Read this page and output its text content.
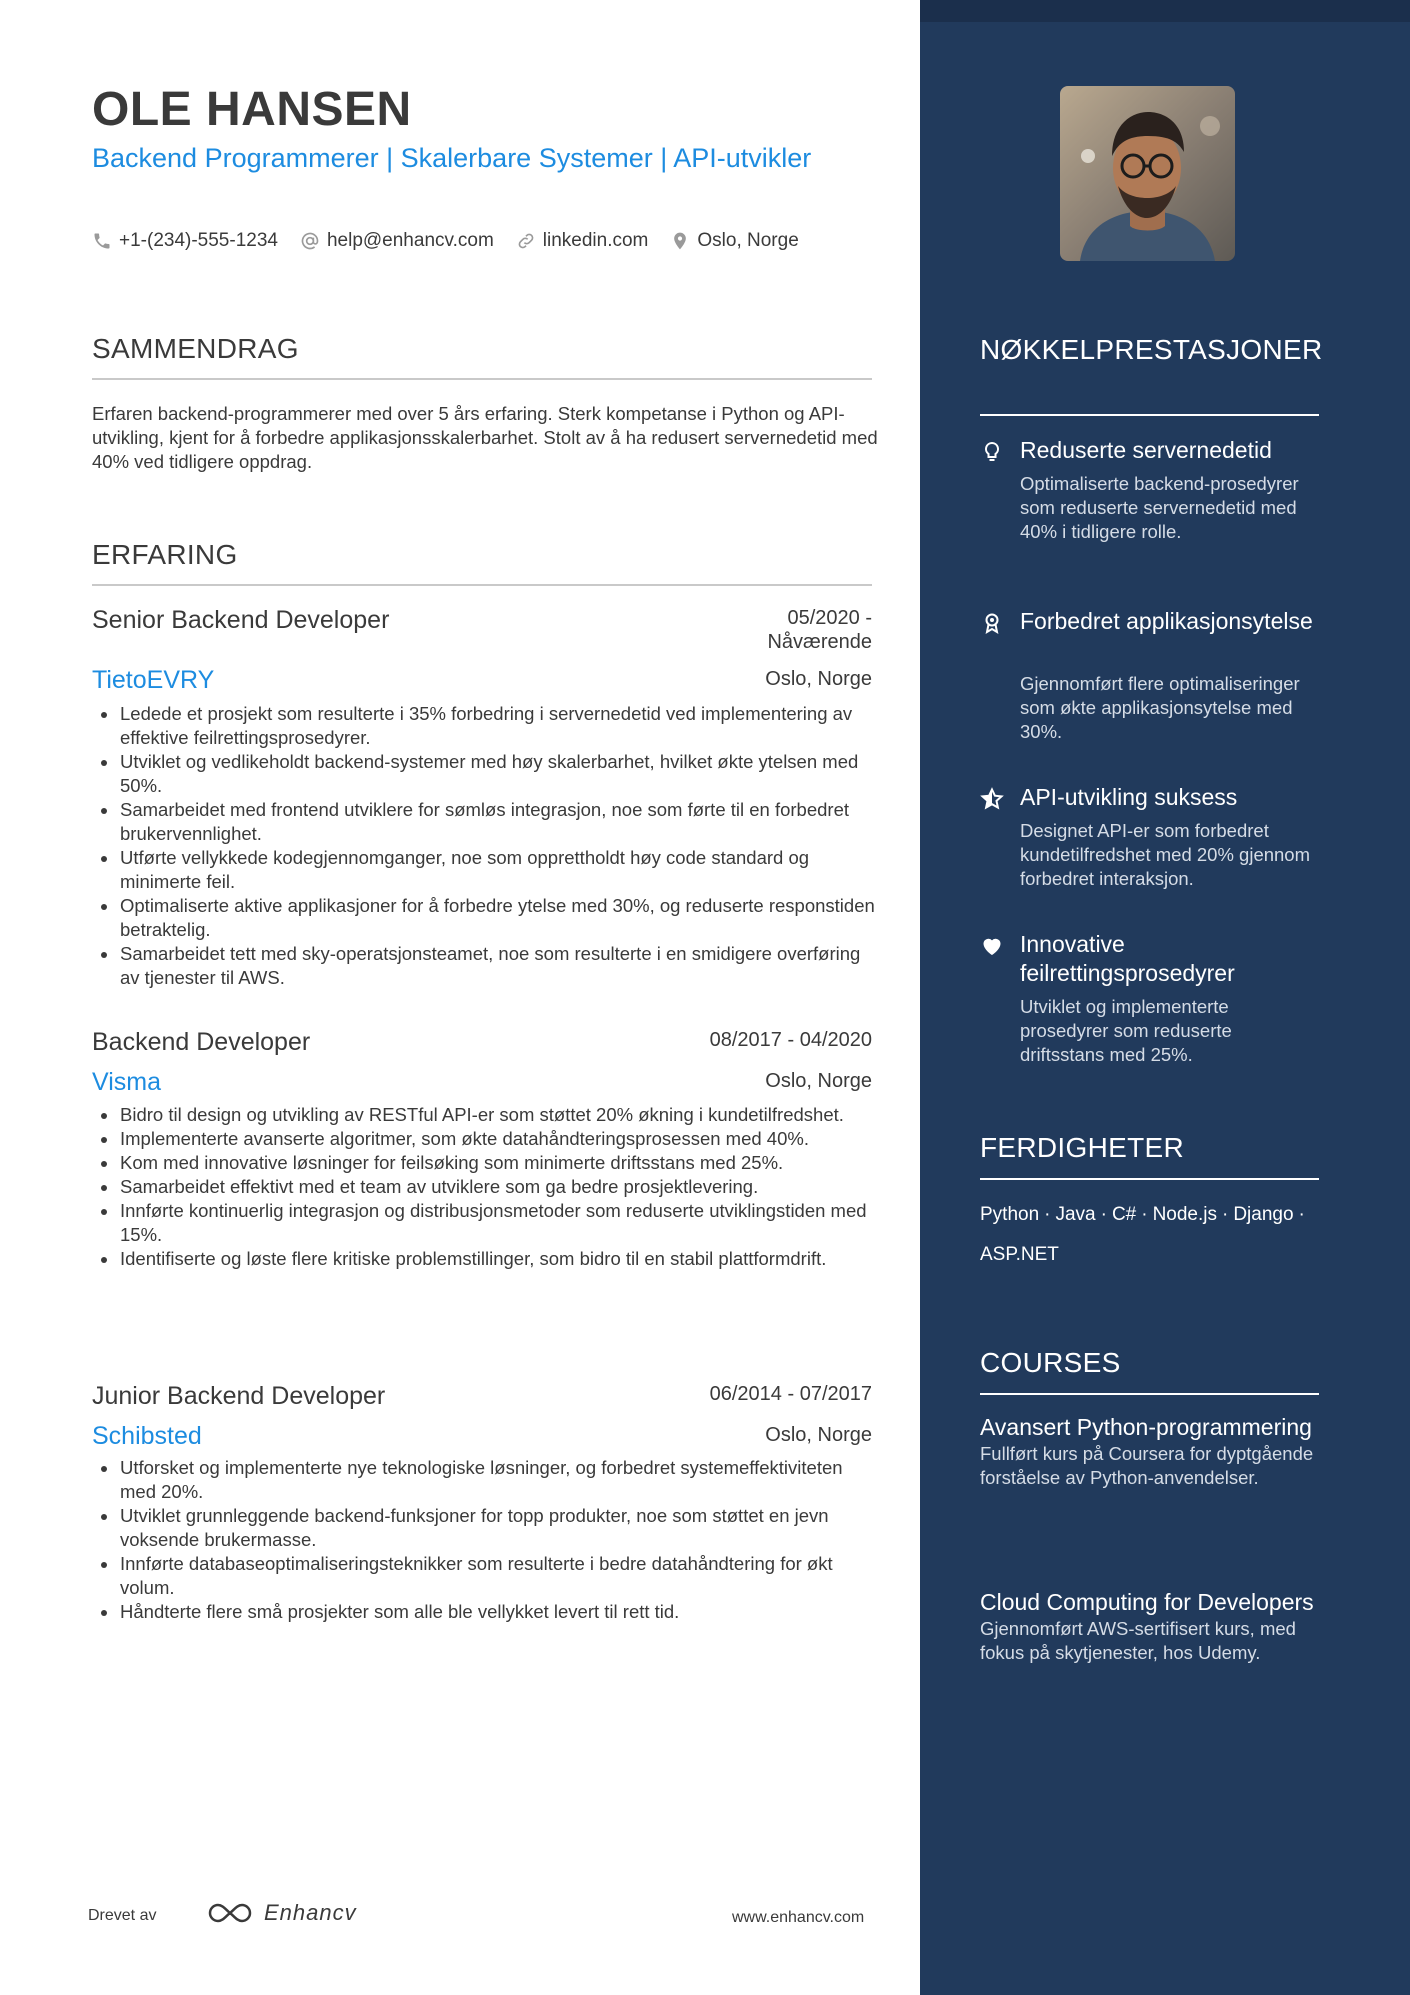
OLE HANSEN
Backend Programmerer | Skalerbare Systemer | API-utvikler
+1-(234)-555-1234	help@enhancv.com	linkedin.com	Oslo, Norge
SAMMENDRAG
Erfaren backend-programmerer med over 5 års erfaring. Sterk kompetanse i Python og API-utvikling, kjent for å forbedre applikasjonsskalerbarhet. Stolt av å ha redusert servernedetid med 40% ved tidligere oppdrag.
ERFARING
Senior Backend Developer	05/2020 - Nåværende
TietoEVRY	Oslo, Norge
Ledede et prosjekt som resulterte i 35% forbedring i servernedetid ved implementering av effektive feilrettingsprosedyrer.
Utviklet og vedlikeholdt backend-systemer med høy skalerbarhet, hvilket økte ytelsen med 50%.
Samarbeidet med frontend utviklere for sømløs integrasjon, noe som førte til en forbedret brukervennlighet.
Utførte vellykkede kodegjennomganger, noe som opprettholdt høy code standard og minimerte feil.
Optimaliserte aktive applikasjoner for å forbedre ytelse med 30%, og reduserte responstiden betraktelig.
Samarbeidet tett med sky-operatsjonsteamet, noe som resulterte i en smidigere overføring av tjenester til AWS.
Backend Developer	08/2017 - 04/2020
Visma	Oslo, Norge
Bidro til design og utvikling av RESTful API-er som støttet 20% økning i kundetilfredshet.
Implementerte avanserte algoritmer, som økte datahåndteringsprosessen med 40%.
Kom med innovative løsninger for feilsøking som minimerte driftsstans med 25%.
Samarbeidet effektivt med et team av utviklere som ga bedre prosjektlevering.
Innførte kontinuerlig integrasjon og distribusjonsmetoder som reduserte utviklingstiden med 15%.
Identifiserte og løste flere kritiske problemstillinger, som bidro til en stabil plattformdrift.
Junior Backend Developer	06/2014 - 07/2017
Schibsted	Oslo, Norge
Utforsket og implementerte nye teknologiske løsninger, og forbedret systemeffektiviteten med 20%.
Utviklet grunnleggende backend-funksjoner for topp produkter, noe som støttet en jevn voksende brukermasse.
Innførte databaseoptimaliseringsteknikker som resulterte i bedre datahåndtering for økt volum.
Håndterte flere små prosjekter som alle ble vellykket levert til rett tid.
Drevet av	Enhancv	www.enhancv.com
NØKKELPRESTASJONER
Reduserte servernedetid
Optimaliserte backend-prosedyrer som reduserte servernedetid med 40% i tidligere rolle.
Forbedret applikasjonsytelse
Gjennomført flere optimaliseringer som økte applikasjonsytelse med 30%.
API-utvikling suksess
Designet API-er som forbedret kundetilfredshet med 20% gjennom forbedret interaksjon.
Innovative feilrettingsprosedyrer
Utviklet og implementerte prosedyrer som reduserte driftsstans med 25%.
FERDIGHETER
Python · Java · C# · Node.js · Django ·
ASP.NET
COURSES
Avansert Python-programmering
Fullført kurs på Coursera for dyptgående forståelse av Python-anvendelser.
Cloud Computing for Developers
Gjennomført AWS-sertifisert kurs, med fokus på skytjenester, hos Udemy.
